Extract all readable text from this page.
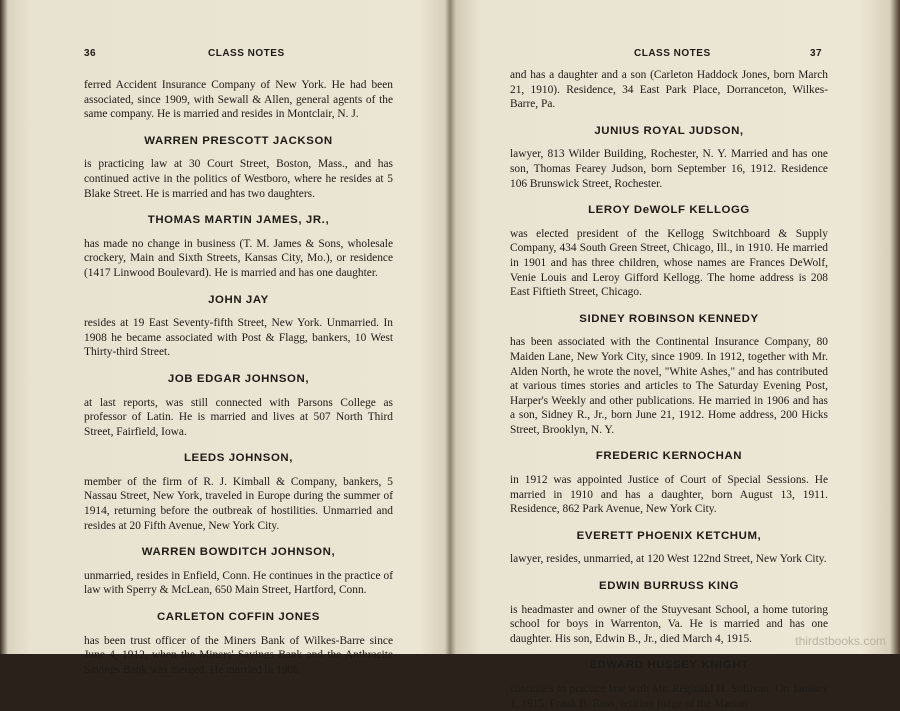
36	CLASS NOTES

ferred Accident Insurance Company of New York. He had been associated, since 1909, with Sewall & Allen, general agents of the same company. He is married and resides in Montclair, N. J.

WARREN PRESCOTT JACKSON

is practicing law at 30 Court Street, Boston, Mass., and has continued active in the politics of Westboro, where he resides at 5 Blake Street. He is married and has two daughters.

THOMAS MARTIN JAMES, JR.,

has made no change in business (T. M. James & Sons, wholesale crockery, Main and Sixth Streets, Kansas City, Mo.), or residence (1417 Linwood Boulevard). He is married and has one daughter.

JOHN JAY

resides at 19 East Seventy-fifth Street, New York. Unmarried. In 1908 he became associated with Post & Flagg, bankers, 10 West Thirty-third Street.

JOB EDGAR JOHNSON,

at last reports, was still connected with Parsons College as professor of Latin. He is married and lives at 507 North Third Street, Fairfield, Iowa.

LEEDS JOHNSON,

member of the firm of R. J. Kimball & Company, bankers, 5 Nassau Street, New York, traveled in Europe during the summer of 1914, returning before the outbreak of hostilities. Unmarried and resides at 20 Fifth Avenue, New York City.

WARREN BOWDITCH JOHNSON,

unmarried, resides in Enfield, Conn. He continues in the practice of law with Sperry & McLean, 650 Main Street, Hartford, Conn.

CARLETON COFFIN JONES

has been trust officer of the Miners Bank of Wilkes-Barre since June 4, 1912, when the Miners' Savings Bank and the Anthracite Savings Bank was merged. He married in 1906

CLASS NOTES	37

and has a daughter and a son (Carleton Haddock Jones, born March 21, 1910). Residence, 34 East Park Place, Dorranceton, Wilkes-Barre, Pa.

JUNIUS ROYAL JUDSON,

lawyer, 813 Wilder Building, Rochester, N. Y. Married and has one son, Thomas Fearey Judson, born September 16, 1912. Residence 106 Brunswick Street, Rochester.

LEROY DeWOLF KELLOGG

was elected president of the Kellogg Switchboard & Supply Company, 434 South Green Street, Chicago, Ill., in 1910. He married in 1901 and has three children, whose names are Frances DeWolf, Venie Louis and Leroy Gifford Kellogg. The home address is 208 East Fiftieth Street, Chicago.

SIDNEY ROBINSON KENNEDY

has been associated with the Continental Insurance Company, 80 Maiden Lane, New York City, since 1909. In 1912, together with Mr. Alden North, he wrote the novel, "White Ashes," and has contributed at various times stories and articles to The Saturday Evening Post, Harper's Weekly and other publications. He married in 1906 and has a son, Sidney R., Jr., born June 21, 1912. Home address, 200 Hicks Street, Brooklyn, N. Y.

FREDERIC KERNOCHAN

in 1912 was appointed Justice of Court of Special Sessions. He married in 1910 and has a daughter, born August 13, 1911. Residence, 862 Park Avenue, New York City.

EVERETT PHOENIX KETCHUM,

lawyer, resides, unmarried, at 120 West 122nd Street, New York City.

EDWIN BURRUSS KING

is headmaster and owner of the Stuyvesant School, a home tutoring school for boys in Warrenton, Va. He is married and has one daughter. His son, Edwin B., Jr., died March 4, 1915.

EDWARD HUSSEY KNIGHT

continues to practice law with Mr. Reginald H. Sullivan. On January 1, 1915, Frank B. Ross, retiring judge of the Marion

thirdstbooks.com
